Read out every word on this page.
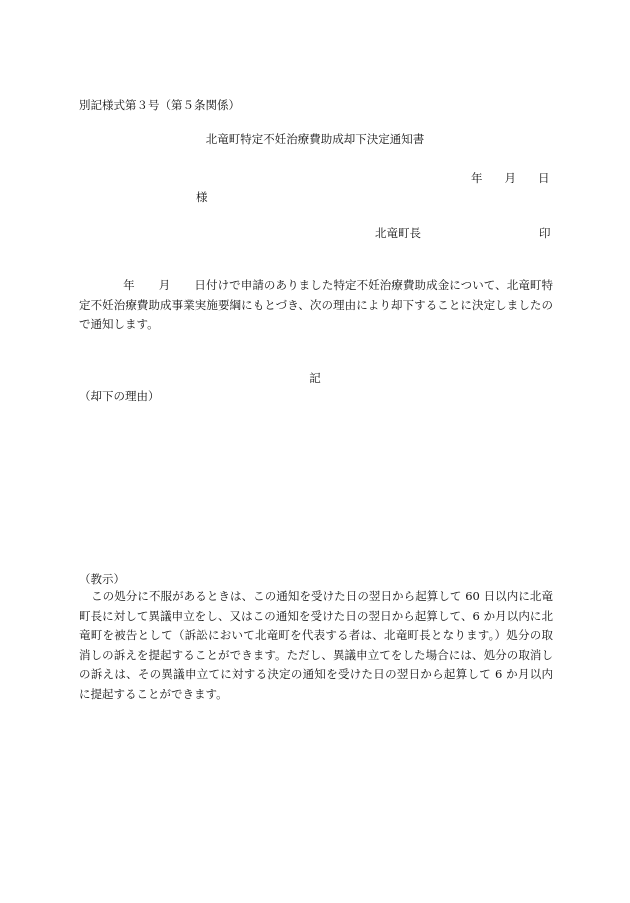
別記様式第３号（第５条関係）
北竜町特定不妊治療費助成却下決定通知書
年 月 日
様
北竜町長	印
年 月 日付けで申請のありました特定不妊治療費助成金について、北竜町特定不妊治療費助成事業実施要綱にもとづき、次の理由により却下することに決定しましたので通知します。
記
（却下の理由）
（教示）
この処分に不服があるときは、この通知を受けた日の翌日から起算して 60 日以内に北竜町長に対して異議申立をし、又はこの通知を受けた日の翌日から起算して、6 か月以内に北竜町を被告として（訴訟において北竜町を代表する者は、北竜町長となります。）処分の取消しの訴えを提起することができます。ただし、異議申立てをした場合には、処分の取消しの訴えは、その異議申立てに対する決定の通知を受けた日の翌日から起算して 6 か月以内に提起することができます。
